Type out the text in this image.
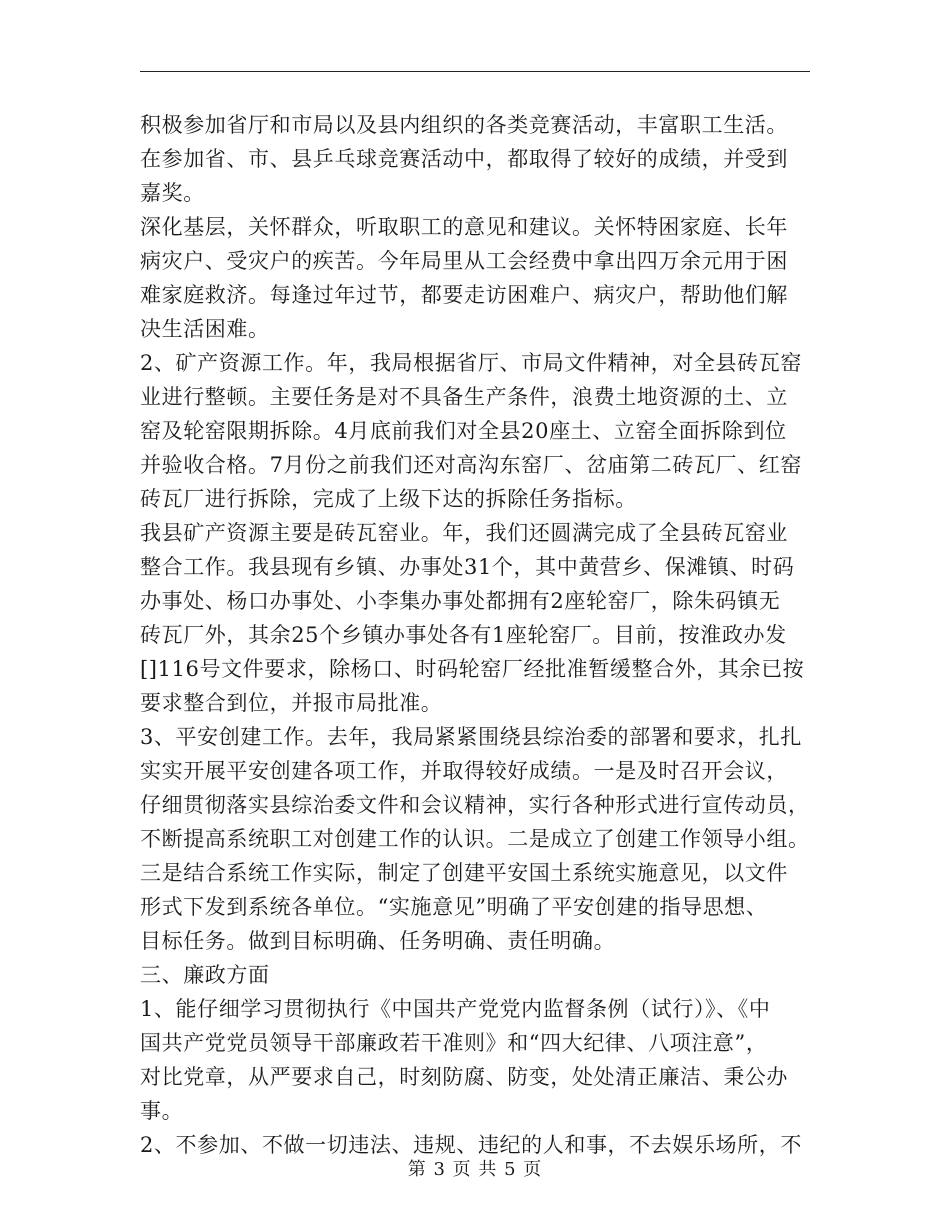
积极参加省厅和市局以及县内组织的各类竞赛活动，丰富职工生活。
在参加省、市、县乒乓球竞赛活动中，都取得了较好的成绩，并受到
嘉奖。
深化基层，关怀群众，听取职工的意见和建议。关怀特困家庭、长年
病灾户、受灾户的疾苦。今年局里从工会经费中拿出四万余元用于困
难家庭救济。每逢过年过节，都要走访困难户、病灾户，帮助他们解
决生活困难。
2、矿产资源工作。年，我局根据省厅、市局文件精神，对全县砖瓦窑
业进行整顿。主要任务是对不具备生产条件，浪费土地资源的土、立
窑及轮窑限期拆除。4月底前我们对全县20座土、立窑全面拆除到位
并验收合格。7月份之前我们还对高沟东窑厂、岔庙第二砖瓦厂、红窑
砖瓦厂进行拆除，完成了上级下达的拆除任务指标。
我县矿产资源主要是砖瓦窑业。年，我们还圆满完成了全县砖瓦窑业
整合工作。我县现有乡镇、办事处31个，其中黄营乡、保滩镇、时码
办事处、杨口办事处、小李集办事处都拥有2座轮窑厂，除朱码镇无
砖瓦厂外，其余25个乡镇办事处各有1座轮窑厂。目前，按淮政办发
[]116号文件要求，除杨口、时码轮窑厂经批准暂缓整合外，其余已按
要求整合到位，并报市局批准。
3、平安创建工作。去年，我局紧紧围绕县综治委的部署和要求，扎扎
实实开展平安创建各项工作，并取得较好成绩。一是及时召开会议，
仔细贯彻落实县综治委文件和会议精神，实行各种形式进行宣传动员，
不断提高系统职工对创建工作的认识。二是成立了创建工作领导小组。
三是结合系统工作实际，制定了创建平安国土系统实施意见，以文件
形式下发到系统各单位。“实施意见”明确了平安创建的指导思想、
目标任务。做到目标明确、任务明确、责任明确。
三、廉政方面
1、能仔细学习贯彻执行《中国共产党党内监督条例（试行）》、《中
国共产党党员领导干部廉政若干准则》和“四大纪律、八项注意”，
对比党章，从严要求自己，时刻防腐、防变，处处清正廉洁、秉公办
事。
2、不参加、不做一切违法、违规、违纪的人和事，不去娱乐场所，不
第 3 页 共 5 页
